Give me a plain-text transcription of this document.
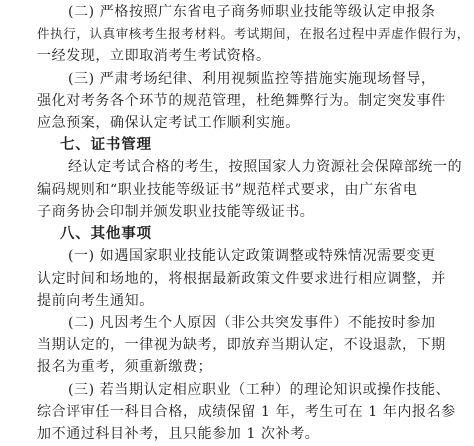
(二) 严格按照广东省电子商务师职业技能等级认定申报条
件执行，认真审核考生报考材料。考试期间，在报名过程中弄虚作假行为，
一经发现，立即取消考生考试资格。
(三) 严肃考场纪律、利用视频监控等措施实施现场督导，
强化对考务各个环节的规范管理，杜绝舞弊行为。制定突发事件
应急预案，确保认定考试工作顺利实施。
七、证书管理
经认定考试合格的考生，按照国家人力资源社会保障部统一的
编码规则和“职业技能等级证书”规范样式要求，由广东省电
子商务协会印制并颁发职业技能等级证书。
八、其他事项
(一) 如遇国家职业技能认定政策调整或特殊情况需要变更
认定时间和场地的，将根据最新政策文件要求进行相应调整，并
提前向考生通知。
(二) 凡因考生个人原因（非公共突发事件）不能按时参加
当期认定的，一律视为缺考，即放弃当期认定，不设退款，下期
报名为重考，须重新缴费；
(三) 若当期认定相应职业（工种）的理论知识或操作技能、
综合评审任一科目合格，成绩保留 1 年，考生可在 1 年内报名参
加不通过科目补考，且只能参加 1 次补考。
